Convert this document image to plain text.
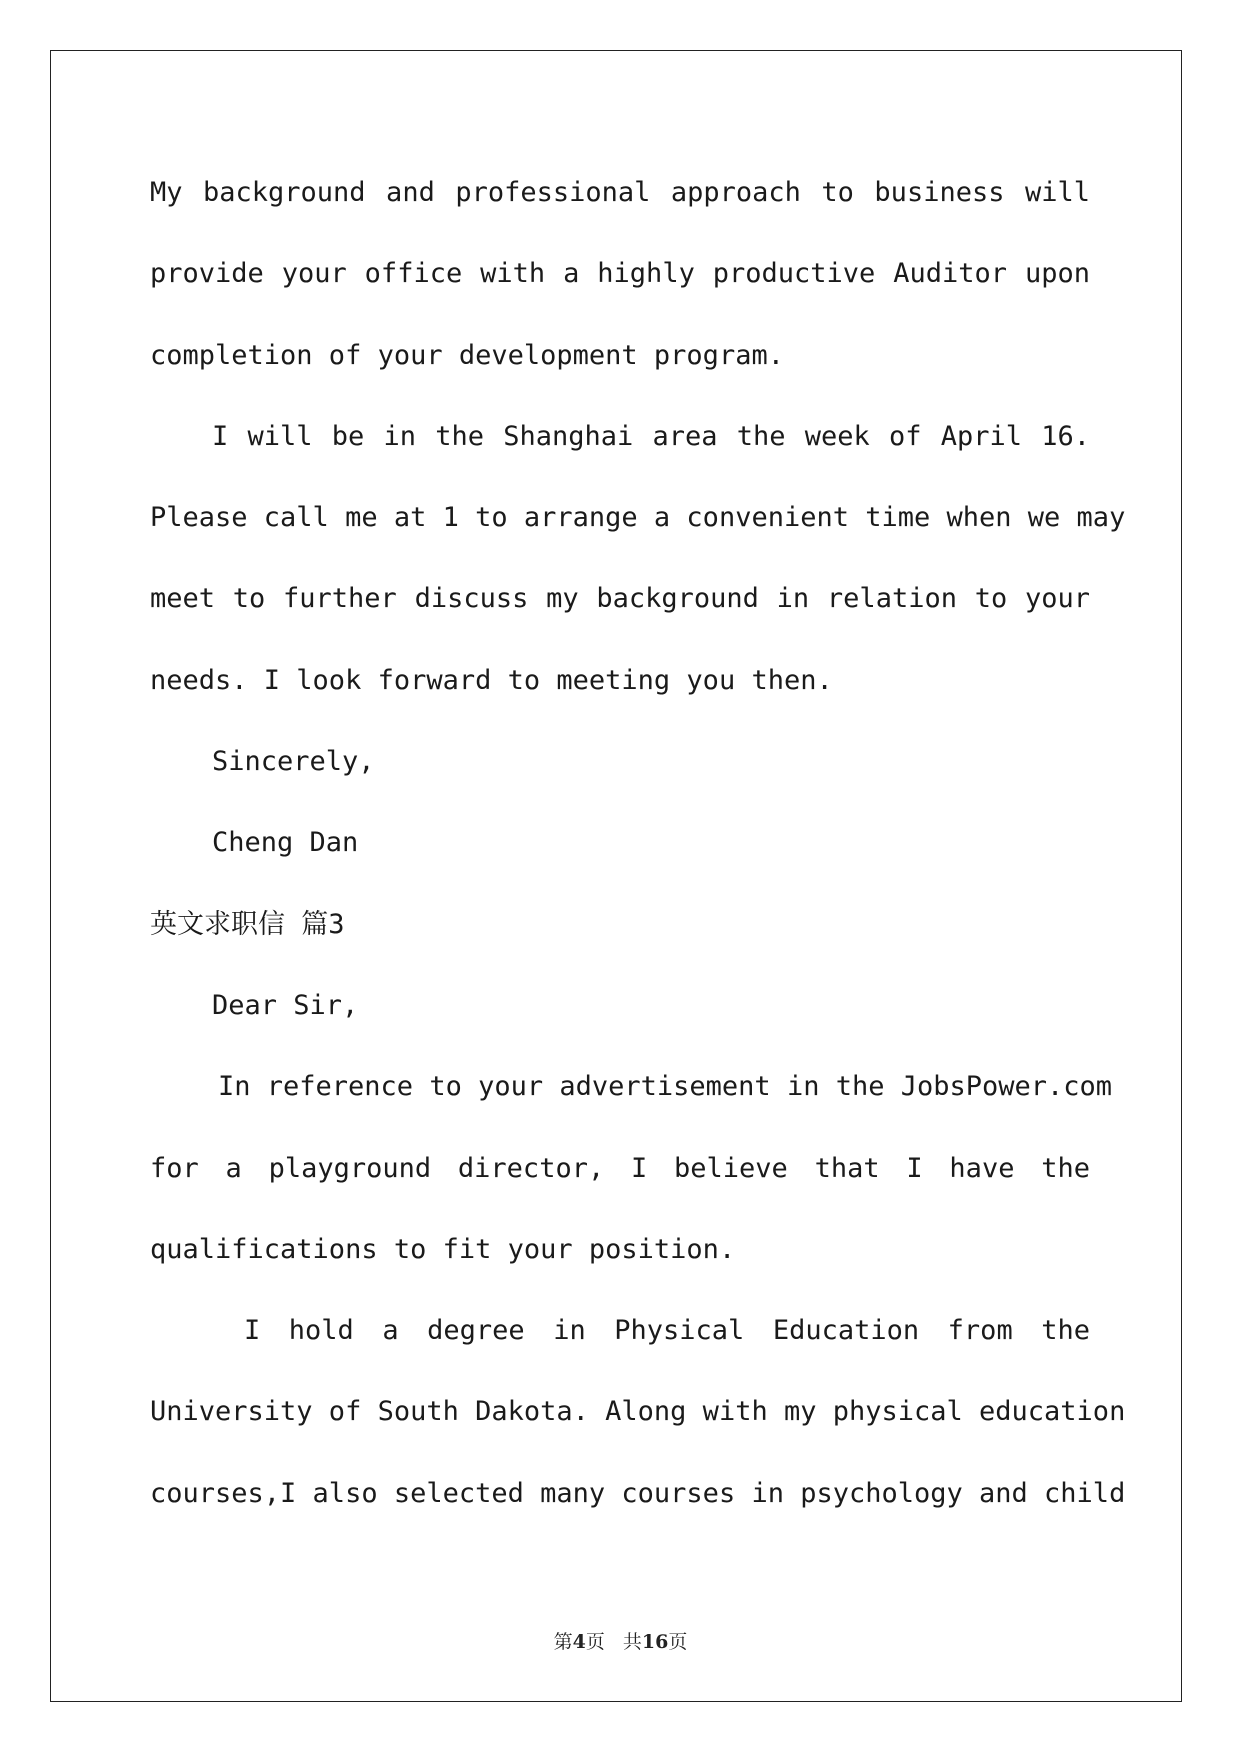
My background and professional approach to business will
provide your office with a highly productive Auditor upon
completion of your development program.
I will be in the Shanghai area the week of April 16.
Please call me at 1 to arrange a convenient time when we may
meet to further discuss my background in relation to your
needs. I look forward to meeting you then.
Sincerely,
Cheng Dan
英文求职信 篇3
Dear Sir,
In reference to your advertisement in the JobsPower.com
for a playground director, I believe that I have the
qualifications to fit your position.
I hold a degree in Physical Education from the
University of South Dakota. Along with my physical education
courses,I also selected many courses in psychology and child
第4页 共16页
